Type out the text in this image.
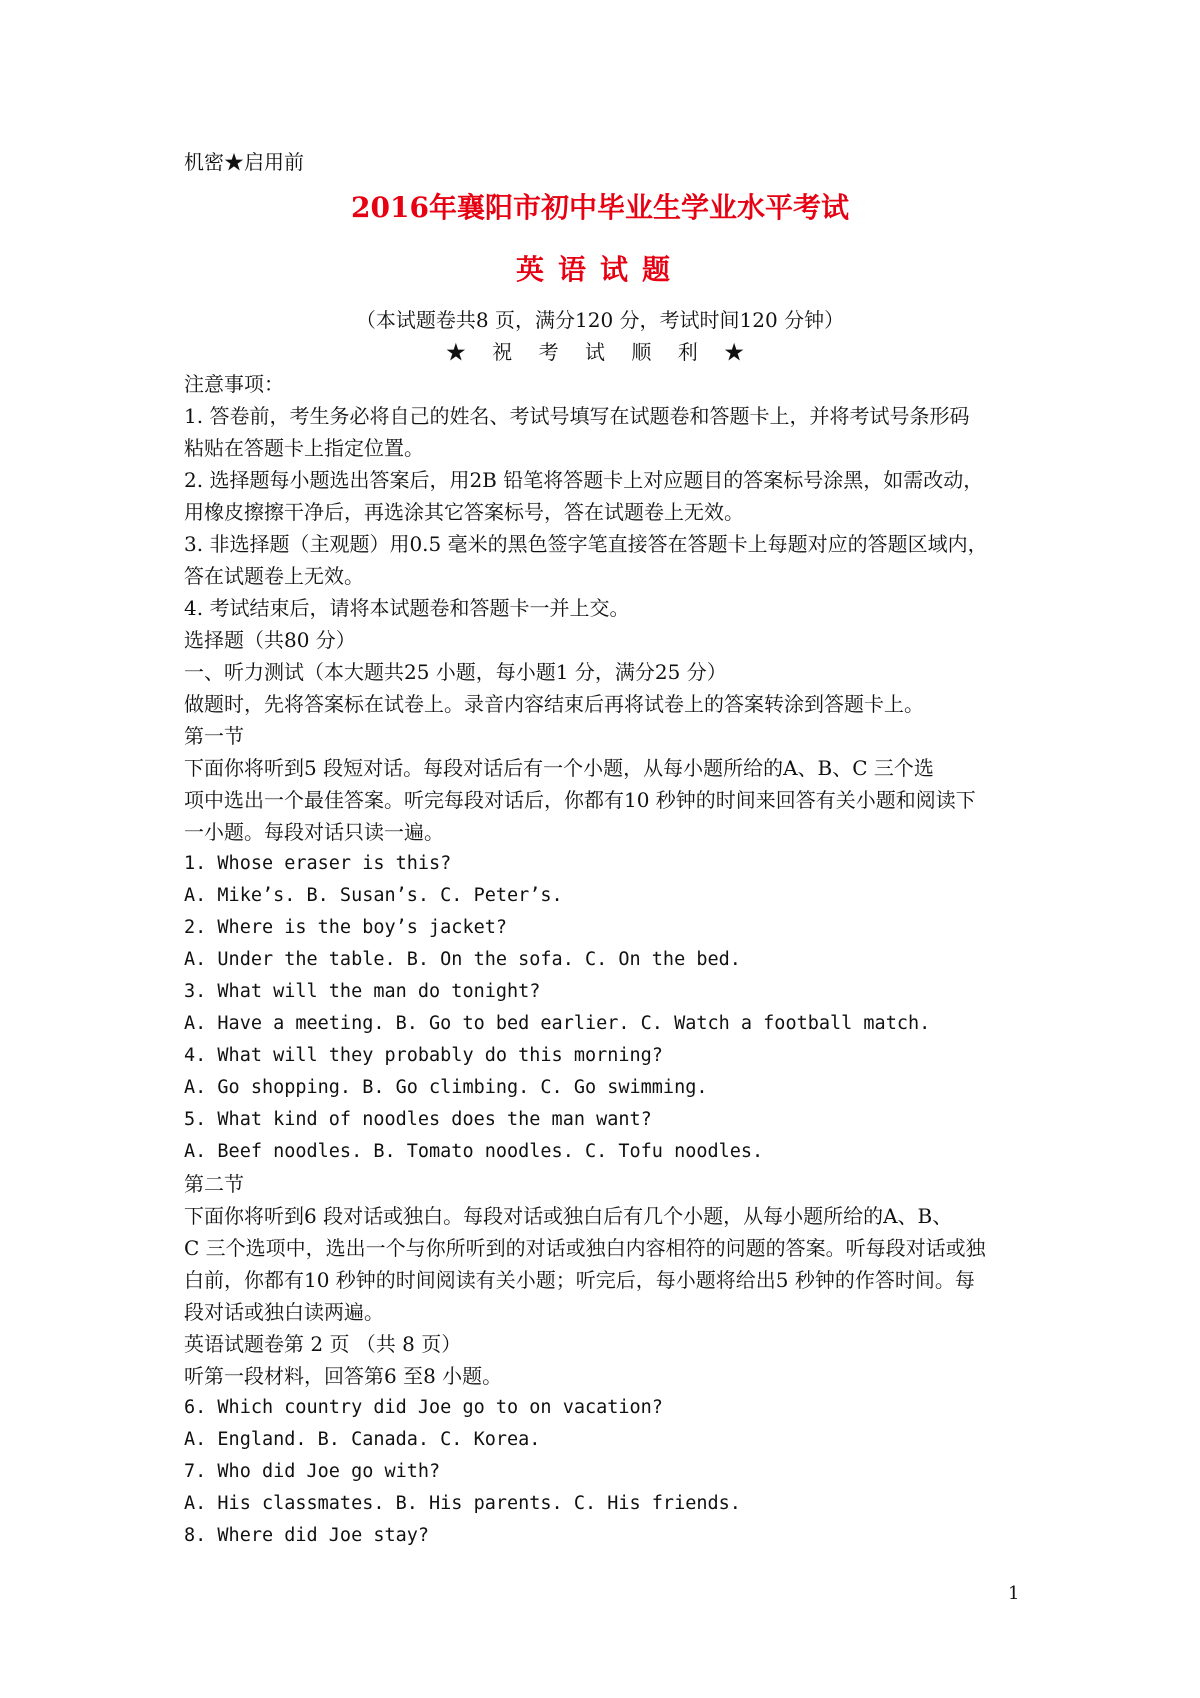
机密★启用前
2016年襄阳市初中毕业生学业水平考试
英语试题
（本试题卷共8 页，满分120 分，考试时间120 分钟）
★ 祝 考 试 顺 利 ★
注意事项：
1. 答卷前，考生务必将自己的姓名、考试号填写在试题卷和答题卡上，并将考试号条形码
粘贴在答题卡上指定位置。
2. 选择题每小题选出答案后，用2B 铅笔将答题卡上对应题目的答案标号涂黑，如需改动，
用橡皮擦擦干净后，再选涂其它答案标号，答在试题卷上无效。
3. 非选择题（主观题）用0.5 毫米的黑色签字笔直接答在答题卡上每题对应的答题区域内，
答在试题卷上无效。
4. 考试结束后，请将本试题卷和答题卡一并上交。
选择题（共80 分）
一、听力测试（本大题共25 小题，每小题1 分，满分25 分）
做题时，先将答案标在试卷上。录音内容结束后再将试卷上的答案转涂到答题卡上。
第一节
下面你将听到5 段短对话。每段对话后有一个小题，从每小题所给的A、B、C 三个选
项中选出一个最佳答案。听完每段对话后，你都有10 秒钟的时间来回答有关小题和阅读下
一小题。每段对话只读一遍。
1. Whose eraser is this?
A. Mike’s. B. Susan’s. C. Peter’s.
2. Where is the boy’s jacket?
A. Under the table. B. On the sofa. C. On the bed.
3. What will the man do tonight?
A. Have a meeting. B. Go to bed earlier. C. Watch a football match.
4. What will they probably do this morning?
A. Go shopping. B. Go climbing. C. Go swimming.
5. What kind of noodles does the man want?
A. Beef noodles. B. Tomato noodles. C. Tofu noodles.
第二节
下面你将听到6 段对话或独白。每段对话或独白后有几个小题，从每小题所给的A、B、
C 三个选项中，选出一个与你所听到的对话或独白内容相符的问题的答案。听每段对话或独
白前，你都有10 秒钟的时间阅读有关小题；听完后，每小题将给出5 秒钟的作答时间。每
段对话或独白读两遍。
英语试题卷第 2 页 （共 8 页）
听第一段材料，回答第6 至8 小题。
6. Which country did Joe go to on vacation?
A. England. B. Canada. C. Korea.
7. Who did Joe go with?
A. His classmates. B. His parents. C. His friends.
8. Where did Joe stay?
1
